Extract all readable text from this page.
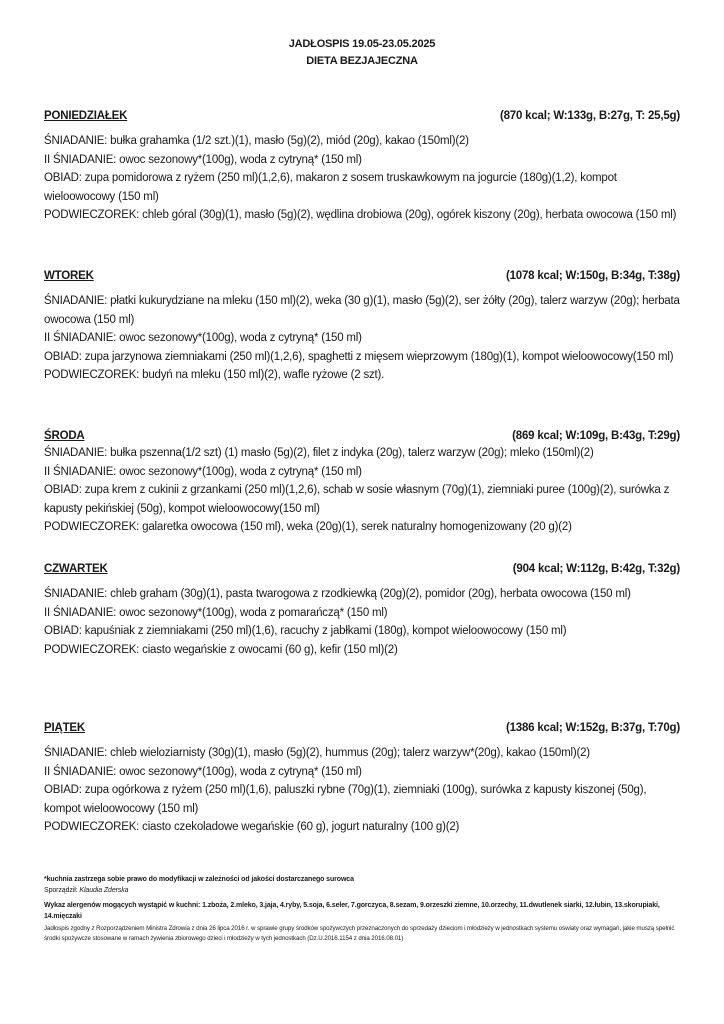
JADŁOSPIS 19.05-23.05.2025
DIETA BEZJAJECZNA
PONIEDZIAŁEK	(870 kcal; W:133g, B:27g, T: 25,5g)

ŚNIADANIE: bułka grahamka (1/2 szt.)(1), masło (5g)(2), miód (20g), kakao (150ml)(2)

II ŚNIADANIE: owoc sezonowy*(100g), woda z cytryną* (150 ml)

OBIAD: zupa pomidorowa z ryżem (250 ml)(1,2,6), makaron z sosem truskawkowym na jogurcie (180g)(1,2), kompot wieloowocowy (150 ml)

PODWIECZOREK: chleb góral (30g)(1), masło (5g)(2), wędlina drobiowa (20g), ogórek kiszony (20g), herbata owocowa (150 ml)

WTOREK	(1078 kcal; W:150g, B:34g, T:38g)

ŚNIADANIE: płatki kukurydziane na mleku (150 ml)(2), weka (30 g)(1), masło (5g)(2), ser żółty (20g), talerz warzyw (20g); herbata owocowa (150 ml)

II ŚNIADANIE: owoc sezonowy*(100g), woda z cytryną* (150 ml)

OBIAD: zupa jarzynowa ziemniakami (250 ml)(1,2,6), spaghetti z mięsem wieprzowym (180g)(1), kompot wieloowocowy(150 ml)

PODWIECZOREK: budyń na mleku (150 ml)(2), wafle ryżowe (2 szt).

ŚRODA	(869 kcal; W:109g, B:43g, T:29g)

ŚNIADANIE: bułka pszenna(1/2 szt) (1) masło (5g)(2), filet z indyka (20g), talerz warzyw (20g); mleko (150ml)(2)

II ŚNIADANIE: owoc sezonowy*(100g), woda z cytryną* (150 ml)

OBIAD: zupa krem z cukinii z grzankami (250 ml)(1,2,6), schab w sosie własnym (70g)(1), ziemniaki puree (100g)(2), surówka z kapusty pekińskiej (50g), kompot wieloowocowy(150 ml)

PODWIECZOREK: galaretka owocowa (150 ml), weka (20g)(1), serek naturalny homogenizowany (20 g)(2)

CZWARTEK	(904 kcal; W:112g, B:42g, T:32g)

ŚNIADANIE: chleb graham (30g)(1), pasta twarogowa z rzodkiewką (20g)(2), pomidor (20g), herbata owocowa (150 ml)

II ŚNIADANIE: owoc sezonowy*(100g), woda z pomarańczą* (150 ml)

OBIAD: kapuśniak z ziemniakami (250 ml)(1,6), racuchy z jabłkami (180g), kompot wieloowocowy (150 ml)

PODWIECZOREK: ciasto wegańskie z owocami (60 g), kefir (150 ml)(2)

PIĄTEK	(1386 kcal; W:152g, B:37g, T:70g)

ŚNIADANIE: chleb wieloziarnisty (30g)(1), masło (5g)(2), hummus (20g); talerz warzyw*(20g), kakao (150ml)(2)

II ŚNIADANIE: owoc sezonowy*(100g), woda z cytryną* (150 ml)

OBIAD: zupa ogórkowa z ryżem (250 ml)(1,6), paluszki rybne (70g)(1), ziemniaki (100g), surówka z kapusty kiszonej (50g), kompot wieloowocowy (150 ml)

PODWIECZOREK: ciasto czekoladowe wegańskie (60 g), jogurt naturalny (100 g)(2)

*kuchnia zastrzega sobie prawo do modyfikacji w zależności od jakości dostarczanego surowca
Sporządził: Klaudia Zderska
Wykaz alergenów mogących wystąpić w kuchni: 1.zboża, 2.mleko, 3.jaja, 4.ryby, 5.soja, 6.seler, 7.gorczyca, 8.sezam, 9.orzeszki ziemne, 10.orzechy, 11.dwutlenek siarki, 12.łubin, 13.skorupiaki, 14.mięczaki
Jadłospis zgodny z Rozporządzeniem Ministra Zdrowia z dnia 26 lipca 2016 r. w sprawie grupy środków spożywczych przeznaczonych do sprzedaży dzieciom i młodzieży w jednostkach systemu oświaty oraz wymagań, jakie muszą spełnić środki spożywcze stosowane w ramach żywienia zbiorowego dzieci i młodzieży w tych jednostkach (Dz.U.2016.1154 z dnia 2016.08.01)
